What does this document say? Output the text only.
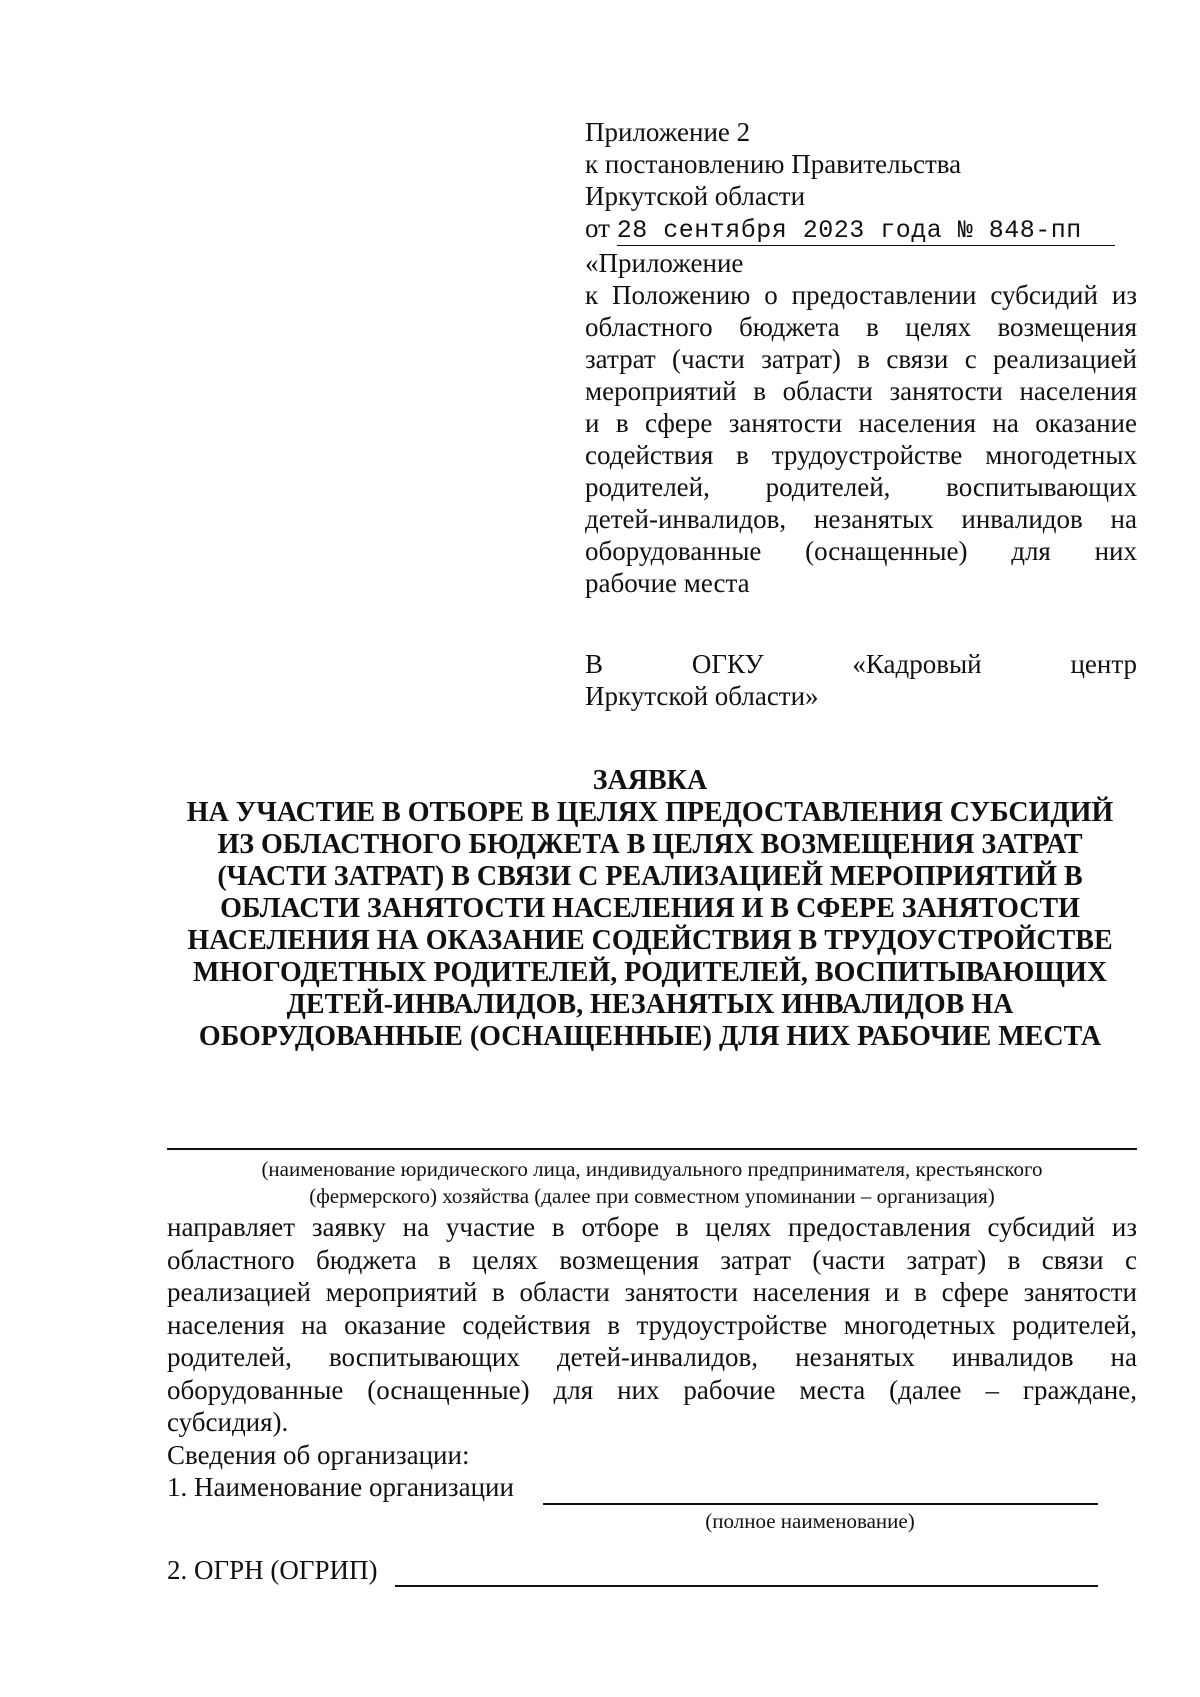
Приложение 2
к постановлению Правительства
Иркутской области
от 28 сентября 2023 года № 848-пп
«Приложение
к Положению о предоставлении субсидий из
областного бюджета в целях возмещения
затрат (части затрат) в связи с реализацией
мероприятий в области занятости населения
и в сфере занятости населения на оказание
содействия в трудоустройстве многодетных
родителей, родителей, воспитывающих
детей-инвалидов, незанятых инвалидов на
оборудованные (оснащенные) для них
рабочие места
В ОГКУ «Кадровый центр
Иркутской области»
ЗАЯВКА
НА УЧАСТИЕ В ОТБОРЕ В ЦЕЛЯХ ПРЕДОСТАВЛЕНИЯ СУБСИДИЙ
ИЗ ОБЛАСТНОГО БЮДЖЕТА В ЦЕЛЯХ ВОЗМЕЩЕНИЯ ЗАТРАТ
(ЧАСТИ ЗАТРАТ) В СВЯЗИ С РЕАЛИЗАЦИЕЙ МЕРОПРИЯТИЙ В
ОБЛАСТИ ЗАНЯТОСТИ НАСЕЛЕНИЯ И В СФЕРЕ ЗАНЯТОСТИ
НАСЕЛЕНИЯ НА ОКАЗАНИЕ СОДЕЙСТВИЯ В ТРУДОУСТРОЙСТВЕ
МНОГОДЕТНЫХ РОДИТЕЛЕЙ, РОДИТЕЛЕЙ, ВОСПИТЫВАЮЩИХ
ДЕТЕЙ-ИНВАЛИДОВ, НЕЗАНЯТЫХ ИНВАЛИДОВ НА
ОБОРУДОВАННЫЕ (ОСНАЩЕННЫЕ) ДЛЯ НИХ РАБОЧИЕ МЕСТА
(наименование юридического лица, индивидуального предпринимателя, крестьянского
(фермерского) хозяйства (далее при совместном упоминании – организация)
направляет заявку на участие в отборе в целях предоставления субсидий из
областного бюджета в целях возмещения затрат (части затрат) в связи с
реализацией мероприятий в области занятости населения и в сфере занятости
населения на оказание содействия в трудоустройстве многодетных родителей,
родителей, воспитывающих детей-инвалидов, незанятых инвалидов на
оборудованные (оснащенные) для них рабочие места (далее – граждане,
субсидия).
Сведения об организации:
1. Наименование организации
(полное наименование)
2. ОГРН (ОГРИП)
